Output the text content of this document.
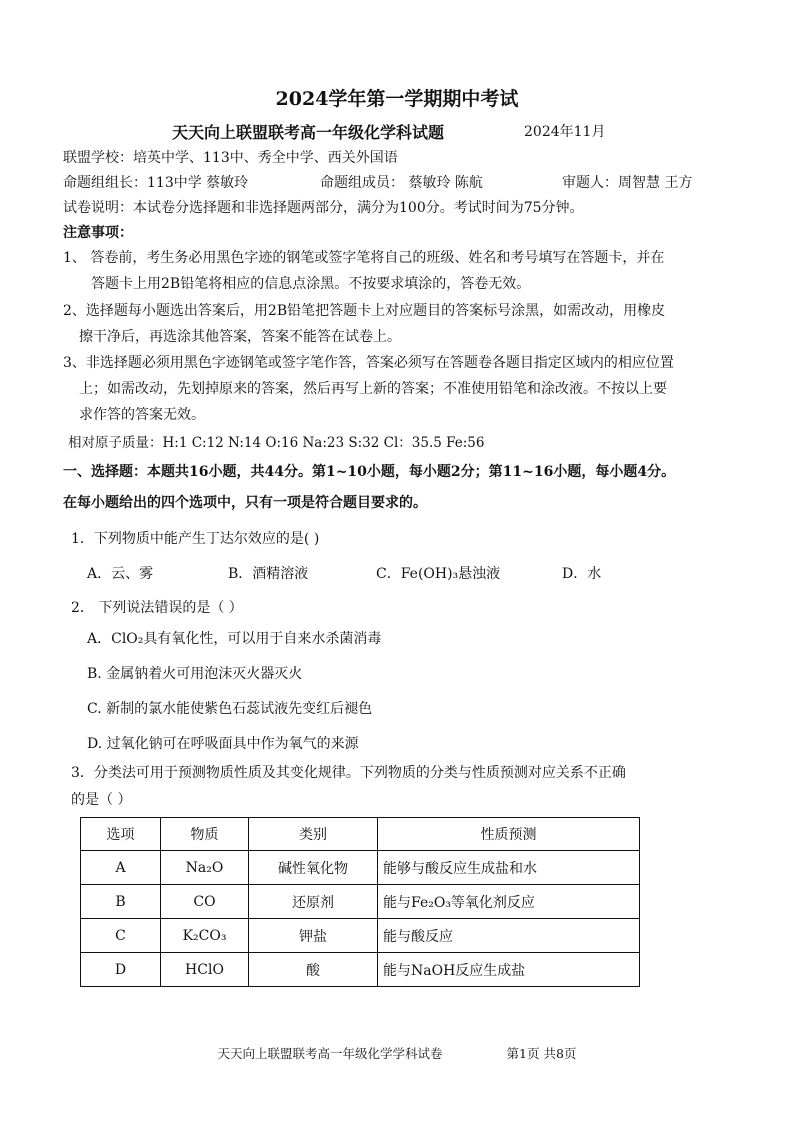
2024学年第一学期期中考试
天天向上联盟联考高一年级化学科试题	2024年11月
联盟学校：培英中学、113中、秀全中学、西关外国语
命题组组长：113中学 蔡敏玲	命题组成员： 蔡敏玲 陈航	审题人：周智慧 王方
试卷说明：本试卷分选择题和非选择题两部分，满分为100分。考试时间为75分钟。
注意事项：
1、 答卷前，考生务必用黑色字迹的钢笔或签字笔将自己的班级、姓名和考号填写在答题卡，并在
答题卡上用2B铅笔将相应的信息点涂黑。不按要求填涂的，答卷无效。
2、选择题每小题选出答案后，用2B铅笔把答题卡上对应题目的答案标号涂黑，如需改动，用橡皮
擦干净后，再选涂其他答案，答案不能答在试卷上。
3、非选择题必须用黑色字迹钢笔或签字笔作答，答案必须写在答题卷各题目指定区域内的相应位置
上；如需改动，先划掉原来的答案，然后再写上新的答案；不准使用铅笔和涂改液。不按以上要
求作答的答案无效。
相对原子质量：H:1 C:12 N:14 O:16 Na:23 S:32 Cl：35.5 Fe:56
一、选择题：本题共16小题，共44分。第1~10小题，每小题2分；第11~16小题，每小题4分。
在每小题给出的四个选项中，只有一项是符合题目要求的。
1．下列物质中能产生丁达尔效应的是( )
A．云、雾	B．酒精溶液	C．Fe(OH)₃悬浊液	D．水
2． 下列说法错误的是（ ）
A．ClO₂具有氧化性，可以用于自来水杀菌消毒
B. 金属钠着火可用泡沫灭火器灭火
C. 新制的氯水能使紫色石蕊试液先变红后褪色
D. 过氧化钠可在呼吸面具中作为氧气的来源
3．分类法可用于预测物质性质及其变化规律。下列物质的分类与性质预测对应关系不正确
的是（ ）
选项	物质	类别	性质预测
A	Na₂O	碱性氧化物	能够与酸反应生成盐和水
B	CO	还原剂	能与Fe₂O₃等氧化剂反应
C	K₂CO₃	钾盐	能与酸反应
D	HClO	酸	能与NaOH反应生成盐
天天向上联盟联考高一年级化学学科试卷	第1页 共8页
